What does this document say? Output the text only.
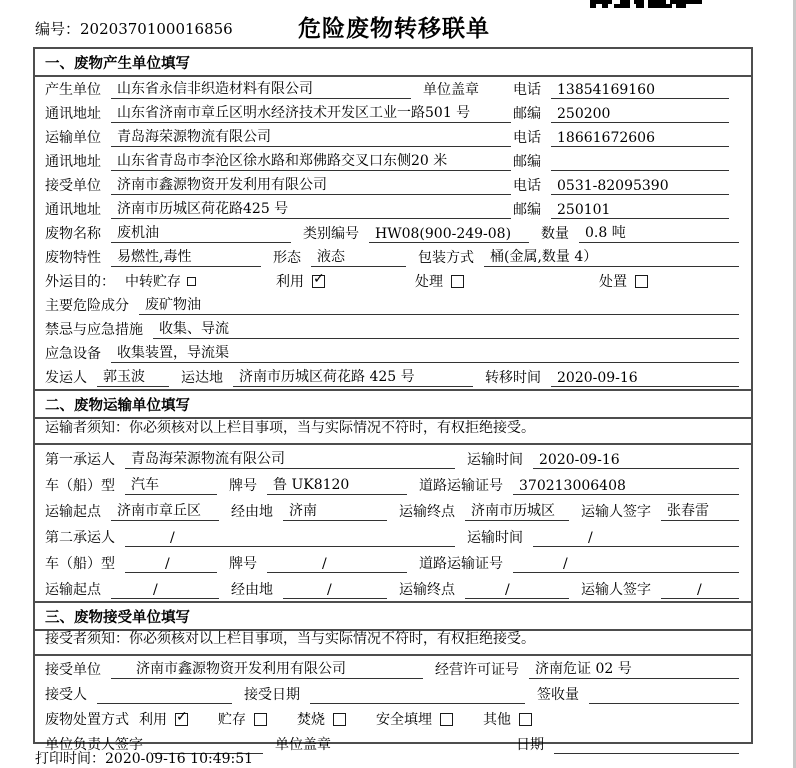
编号：2020370100016856	危险废物转移联单
一、废物产生单位填写
产生单位	山东省永信非织造材料有限公司	单位盖章 电话	13854169160
通讯地址	山东省济南市章丘区明水经济技术开发区工业一路501 号	邮编	250200
运输单位	青岛海荣源物流有限公司	电话	18661672606
通讯地址	山东省青岛市李沧区徐水路和郑佛路交叉口东侧20 米	邮编
接受单位	济南市鑫源物资开发利用有限公司	电话	0531-82095390
通讯地址	济南市历城区荷花路425 号	邮编	250101
废物名称	废机油	类别编号	HW08(900-249-08)	数量	0.8 吨
废物特性	易燃性,毒性	形态	液态	包装方式	桶(金属,数量 4）
外运目的： 中转贮存	利用 ✓	处理	处置
主要危险成分	废矿物油
禁忌与应急措施	收集、导流
应急设备	收集装置，导流渠
发运人	郭玉波	运达地	济南市历城区荷花路 425 号	转移时间	2020-09-16
二、废物运输单位填写
运输者须知：你必须核对以上栏目事项，当与实际情况不符时，有权拒绝接受。
第一承运人	青岛海荣源物流有限公司	运输时间	2020-09-16
车（船）型	汽车	牌号	鲁 UK8120	道路运输证号	370213006408
运输起点	济南市章丘区	经由地	济南	运输终点	济南市历城区	运输人签字	张春雷
第二承运人	/	运输时间	/
车（船）型	/	牌号	/	道路运输证号	/
运输起点	/	经由地	/	运输终点	/	运输人签字	/
三、废物接受单位填写
接受者须知：你必须核对以上栏目事项，当与实际情况不符时，有权拒绝接受。
接受单位	济南市鑫源物资开发利用有限公司	经营许可证号	济南危证 02 号
接受人	接受日期	签收量
废物处置方式 利用 ✓ 贮存	焚烧	安全填埋	其他
单位负责人签字	单位盖章	日期
打印时间：2020-09-16 10:49:51
